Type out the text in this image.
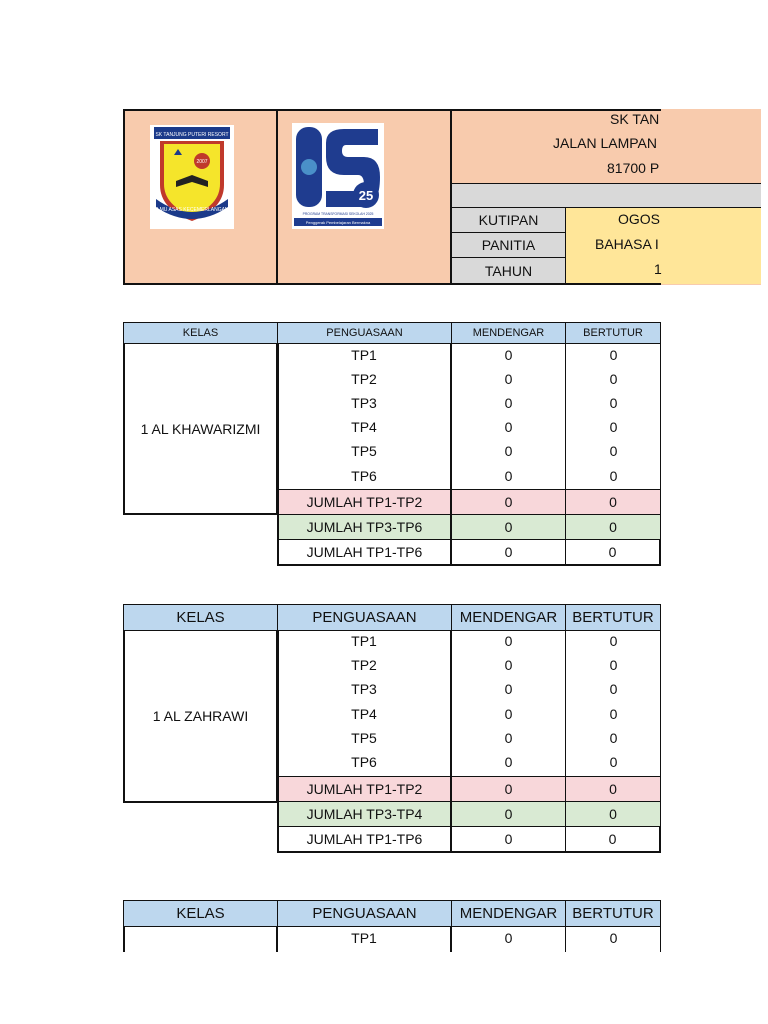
SK TANJUNG PUTERI RESORT
2007
ILMU ASAS KECEMERLANGAN
25
PROGRAM TRANSFORMASI SEKOLAH 2025
Penggerak Pembelajaran Bermakna
SK TAN
JALAN LAMPAN
81700 P
KUTIPAN	OGOS
PANITIA	BAHASA I
TAHUN	1
KELAS	PENGUASAAN	MENDENGAR	BERTUTUR
1 AL KHAWARIZMI
TP1	0	0
TP2	0	0
TP3	0	0
TP4	0	0
TP5	0	0
TP6	0	0
JUMLAH TP1-TP2	0	0
JUMLAH TP3-TP6	0	0
JUMLAH TP1-TP6	0	0
KELAS	PENGUASAAN	MENDENGAR	BERTUTUR
1 AL ZAHRAWI
TP1	0	0
TP2	0	0
TP3	0	0
TP4	0	0
TP5	0	0
TP6	0	0
JUMLAH TP1-TP2	0	0
JUMLAH TP3-TP4	0	0
JUMLAH TP1-TP6	0	0
KELAS	PENGUASAAN	MENDENGAR	BERTUTUR
TP1	0	0
